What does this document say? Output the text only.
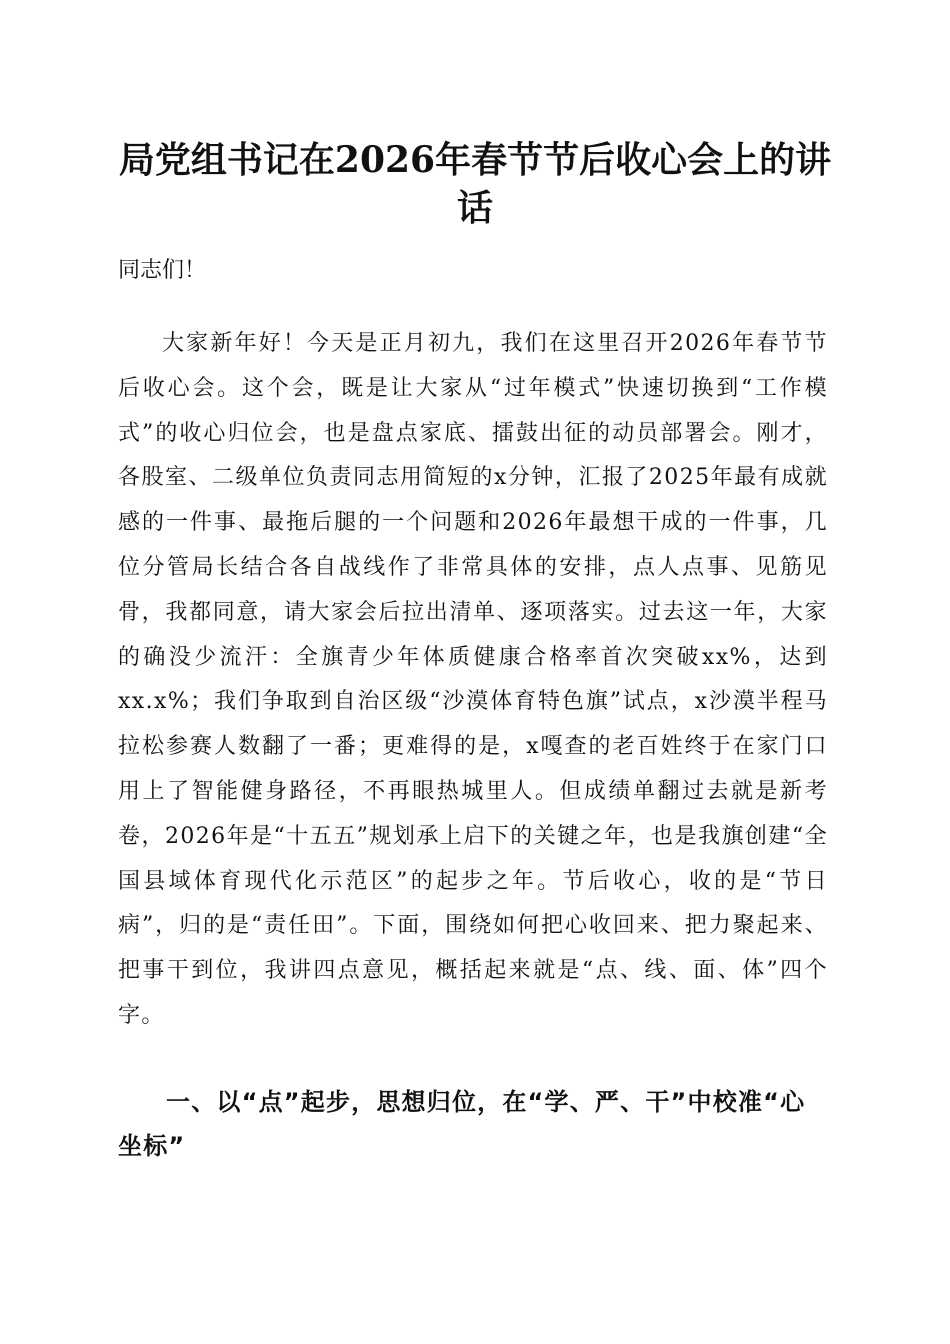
局党组书记在2026年春节节后收心会上的讲话
同志们！

大家新年好！今天是正月初九，我们在这里召开2026年春节节后收心会。这个会，既是让大家从“过年模式”快速切换到“工作模式”的收心归位会，也是盘点家底、擂鼓出征的动员部署会。刚才，各股室、二级单位负责同志用简短的x分钟，汇报了2025年最有成就感的一件事、最拖后腿的一个问题和2026年最想干成的一件事，几位分管局长结合各自战线作了非常具体的安排，点人点事、见筋见骨，我都同意，请大家会后拉出清单、逐项落实。过去这一年，大家的确没少流汗：全旗青少年体质健康合格率首次突破xx%，达到xx.x%；我们争取到自治区级“沙漠体育特色旗”试点，x沙漠半程马拉松参赛人数翻了一番；更难得的是，x嘎查的老百姓终于在家门口用上了智能健身路径，不再眼热城里人。但成绩单翻过去就是新考卷，2026年是“十五五”规划承上启下的关键之年，也是我旗创建“全国县域体育现代化示范区”的起步之年。节后收心，收的是“节日病”，归的是“责任田”。下面，围绕如何把心收回来、把力聚起来、把事干到位，我讲四点意见，概括起来就是“点、线、面、体”四个字。

一、以“点”起步，思想归位，在“学、严、干”中校准“心坐标”
